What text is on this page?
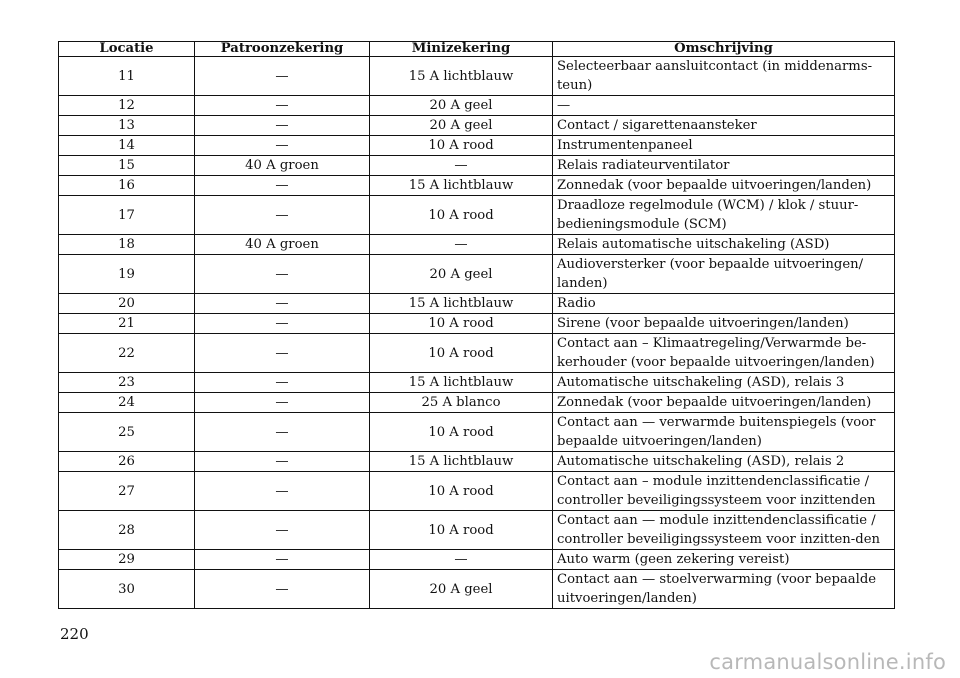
Locatie	Patroonzekering	Minizekering	Omschrijving
11	—	15 A lichtblauw	Selecteerbaar aansluitcontact (in middenarms-teun)
12	—	20 A geel	—
13	—	20 A geel	Contact / sigarettenaansteker
14	—	10 A rood	Instrumentenpaneel
15	40 A groen	—	Relais radiateurventilator
16	—	15 A lichtblauw	Zonnedak (voor bepaalde uitvoeringen/landen)
17	—	10 A rood	Draadloze regelmodule (WCM) / klok / stuur-bedieningsmodule (SCM)
18	40 A groen	—	Relais automatische uitschakeling (ASD)
19	—	20 A geel	Audioversterker (voor bepaalde uitvoeringen/ landen)
20	—	15 A lichtblauw	Radio
21	—	10 A rood	Sirene (voor bepaalde uitvoeringen/landen)
22	—	10 A rood	Contact aan – Klimaatregeling/Verwarmde be-kerhouder (voor bepaalde uitvoeringen/landen)
23	—	15 A lichtblauw	Automatische uitschakeling (ASD), relais 3
24	—	25 A blanco	Zonnedak (voor bepaalde uitvoeringen/landen)
25	—	10 A rood	Contact aan — verwarmde buitenspiegels (voor bepaalde uitvoeringen/landen)
26	—	15 A lichtblauw	Automatische uitschakeling (ASD), relais 2
27	—	10 A rood	Contact aan – module inzittendenclassificatie / controller beveiligingssysteem voor inzittenden
28	—	10 A rood	Contact aan — module inzittendenclassificatie / controller beveiligingssysteem voor inzitten-den
29	—	—	Auto warm (geen zekering vereist)
30	—	20 A geel	Contact aan — stoelverwarming (voor bepaalde uitvoeringen/landen)
220
carmanualsonline.info
